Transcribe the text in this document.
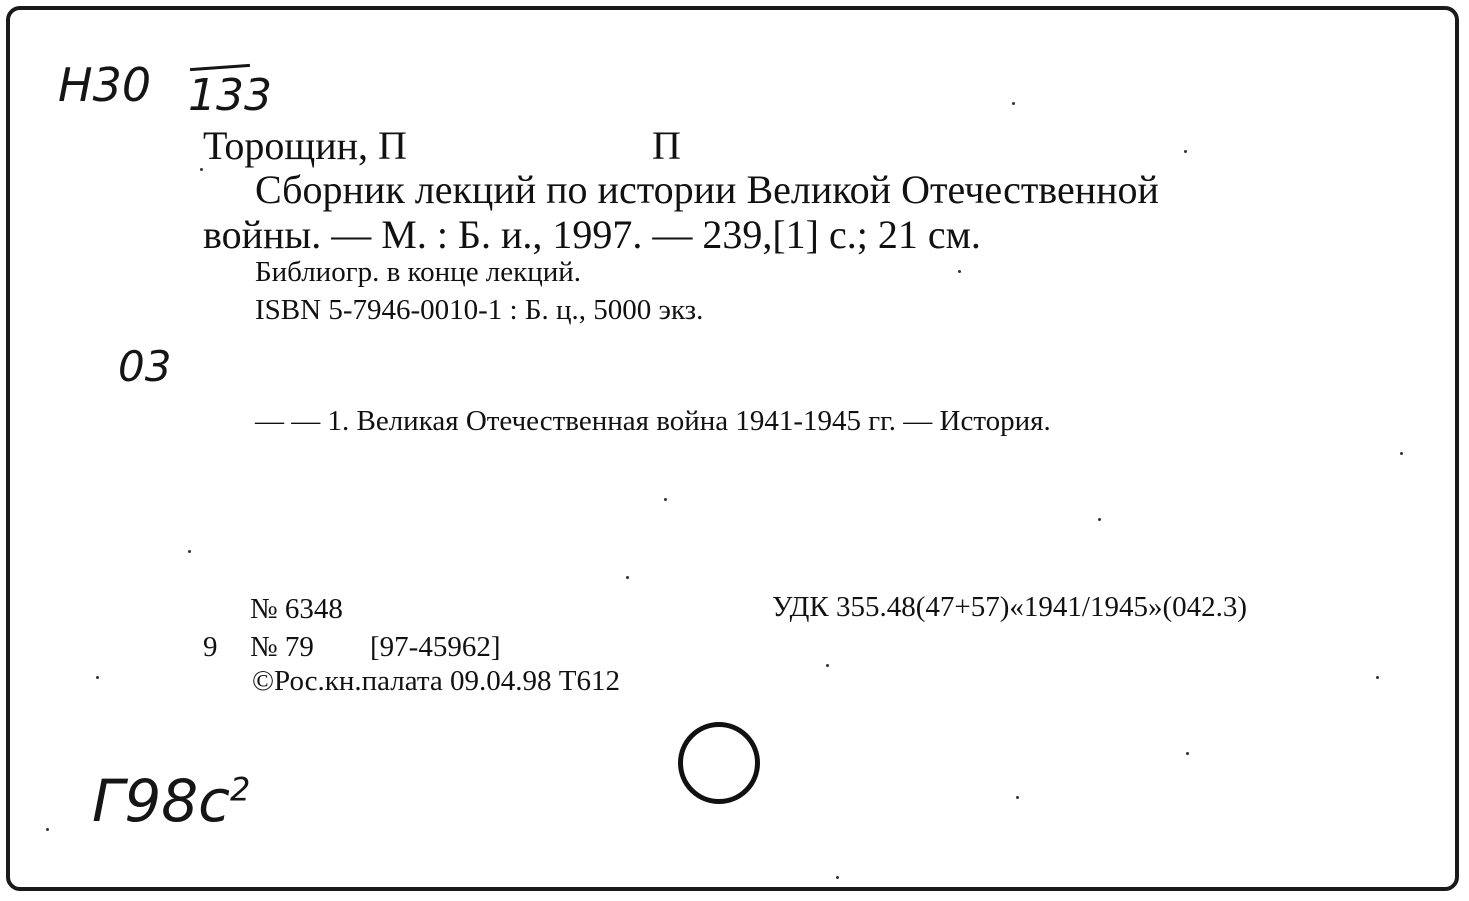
Н30 133
Торощин, П	П
Сборник лекций по истории Великой Отечественной
войны. — М. : Б. и., 1997. — 239,[1] с.; 21 см.
Библиогр. в конце лекций.
ISBN 5-7946-0010-1 : Б. ц., 5000 экз.
03
— — 1. Великая Отечественная война 1941-1945 гг. — История.
№ 6348	УДК 355.48(47+57)«1941/1945»(042.3)
9 № 79 [97-45962]
©Рос.кн.палата 09.04.98 Т612
$Г98с^2$
